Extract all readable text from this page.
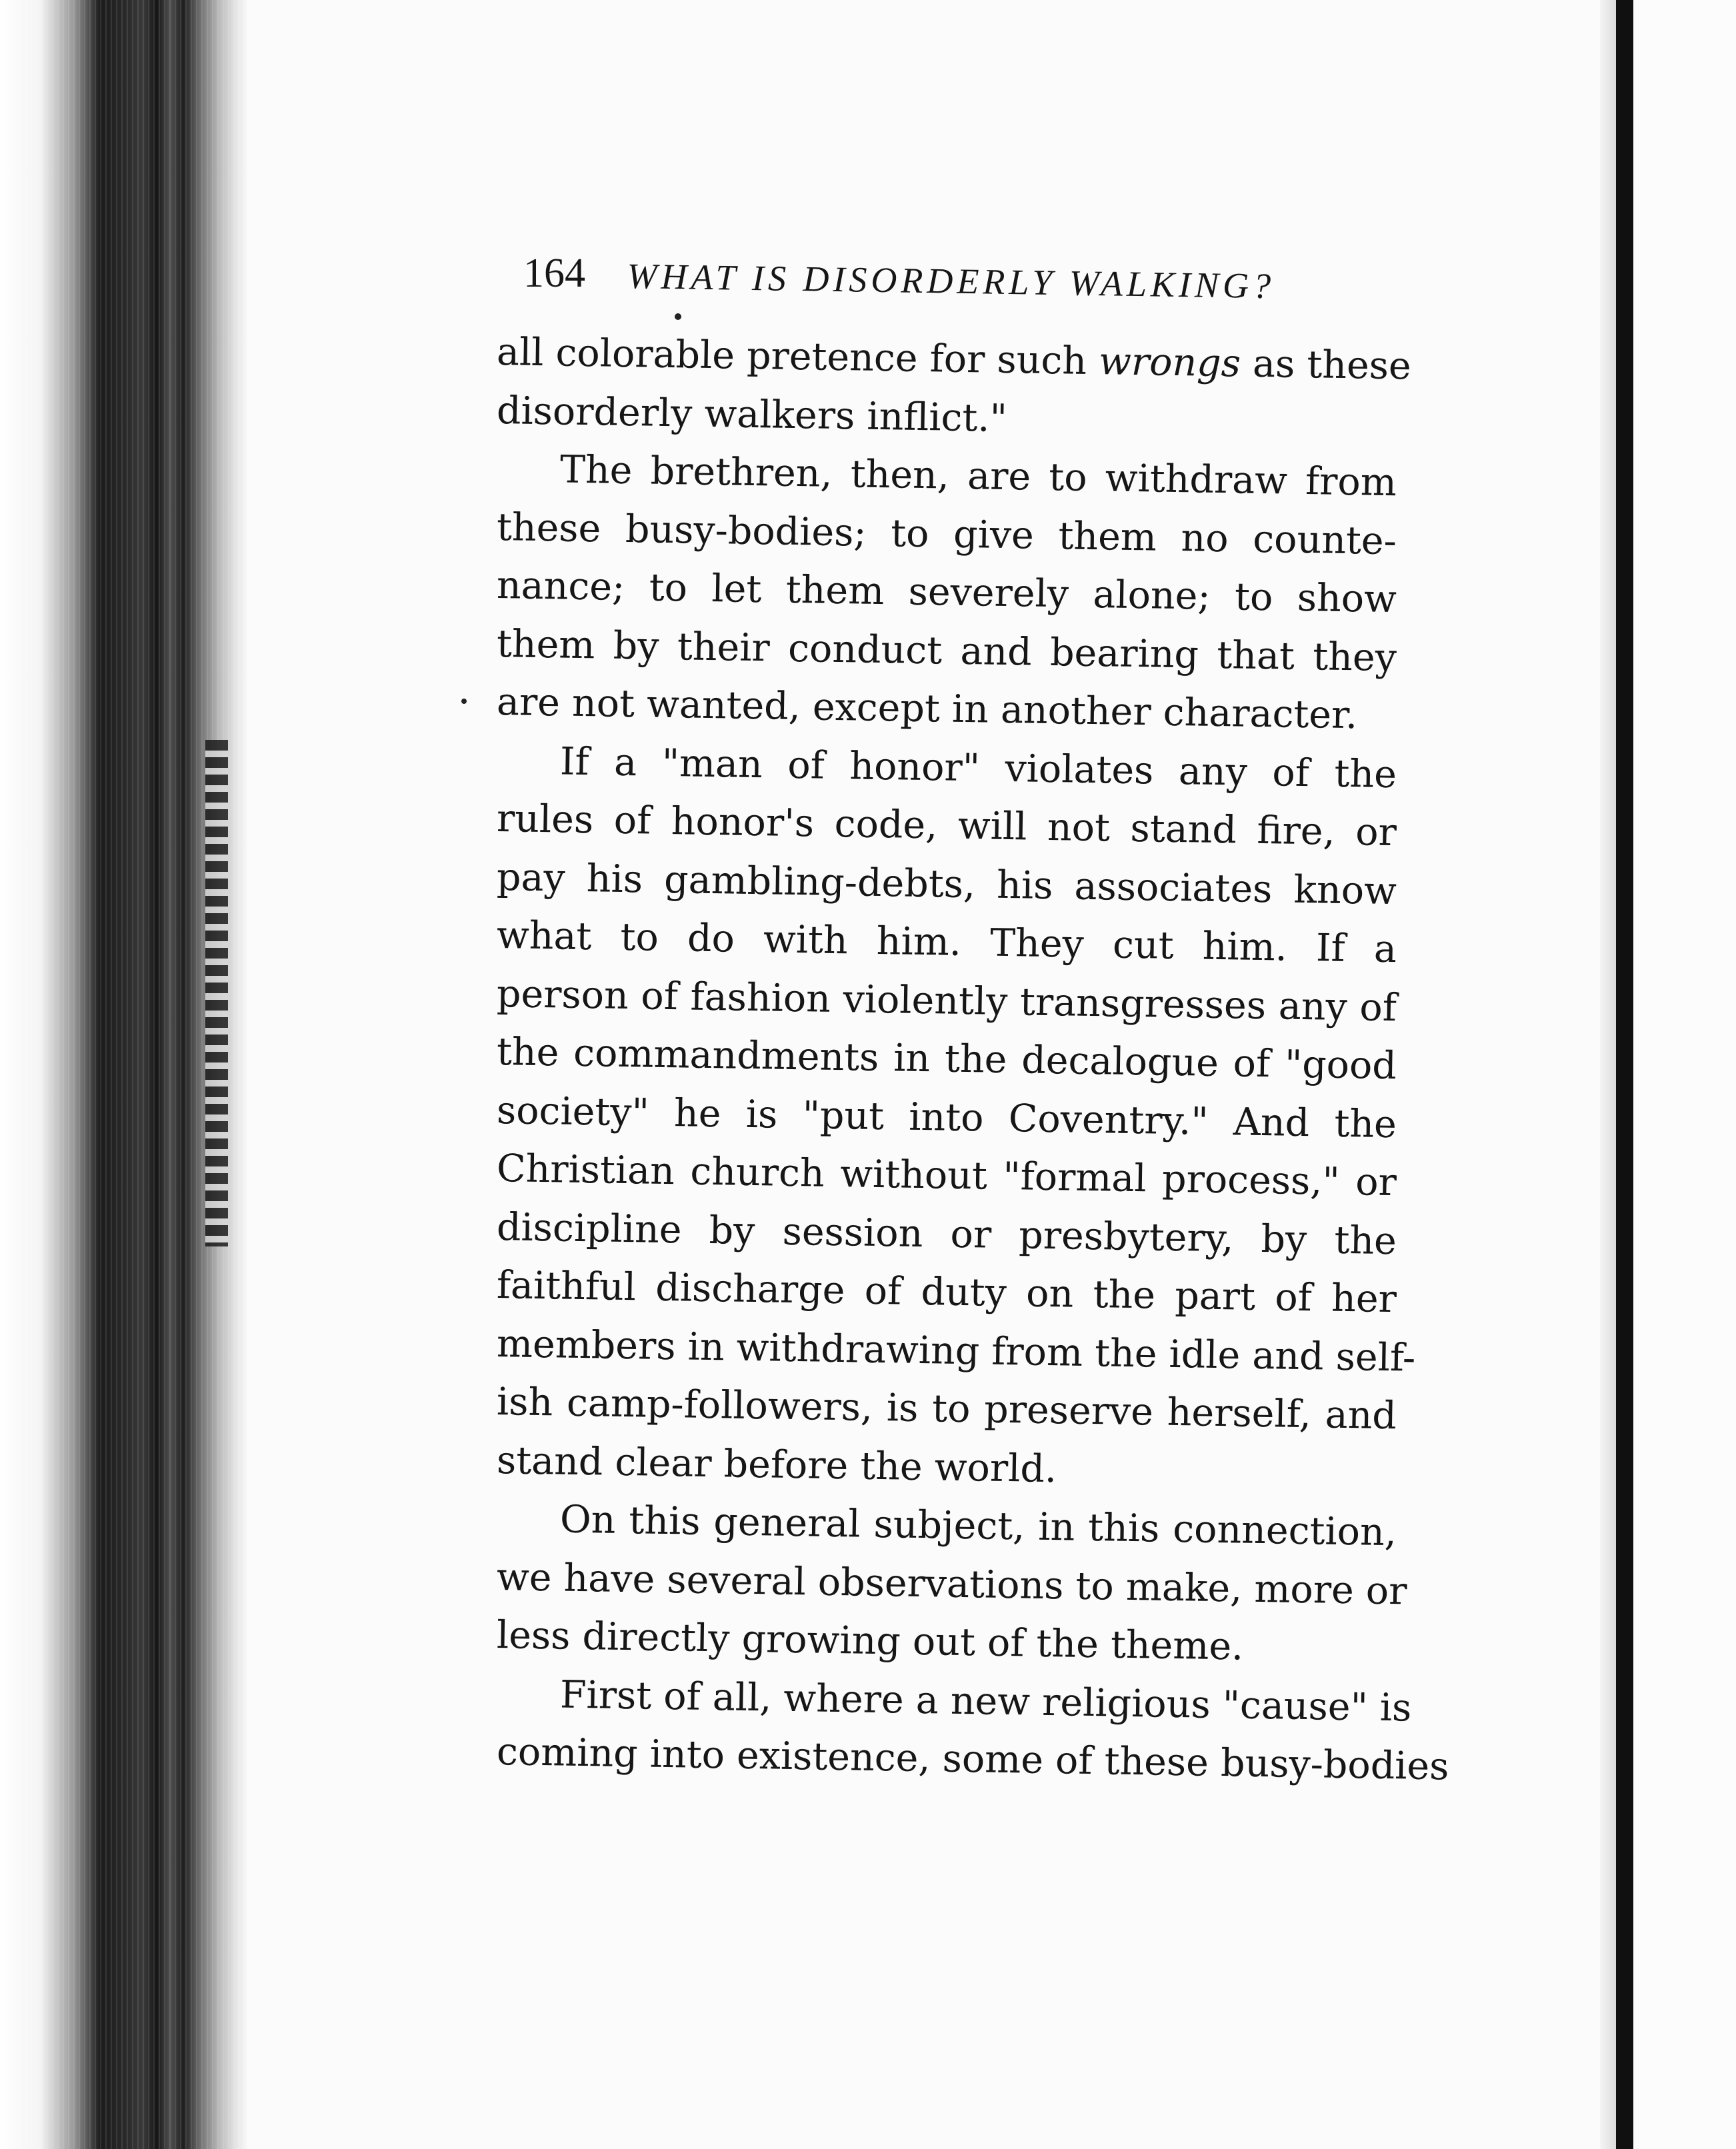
164 WHAT IS DISORDERLY WALKING?
all colorable pretence for such wrongs as these
disorderly walkers inflict."
The brethren, then, are to withdraw from
these busy-bodies; to give them no counte-
nance; to let them severely alone; to show
them by their conduct and bearing that they
are not wanted, except in another character.
If a "man of honor" violates any of the
rules of honor's code, will not stand fire, or
pay his gambling-debts, his associates know
what to do with him. They cut him. If a
person of fashion violently transgresses any of
the commandments in the decalogue of "good
society" he is "put into Coventry." And the
Christian church without "formal process," or
discipline by session or presbytery, by the
faithful discharge of duty on the part of her
members in withdrawing from the idle and self-
ish camp-followers, is to preserve herself, and
stand clear before the world.
On this general subject, in this connection,
we have several observations to make, more or
less directly growing out of the theme.
First of all, where a new religious "cause" is
coming into existence, some of these busy-bodies
